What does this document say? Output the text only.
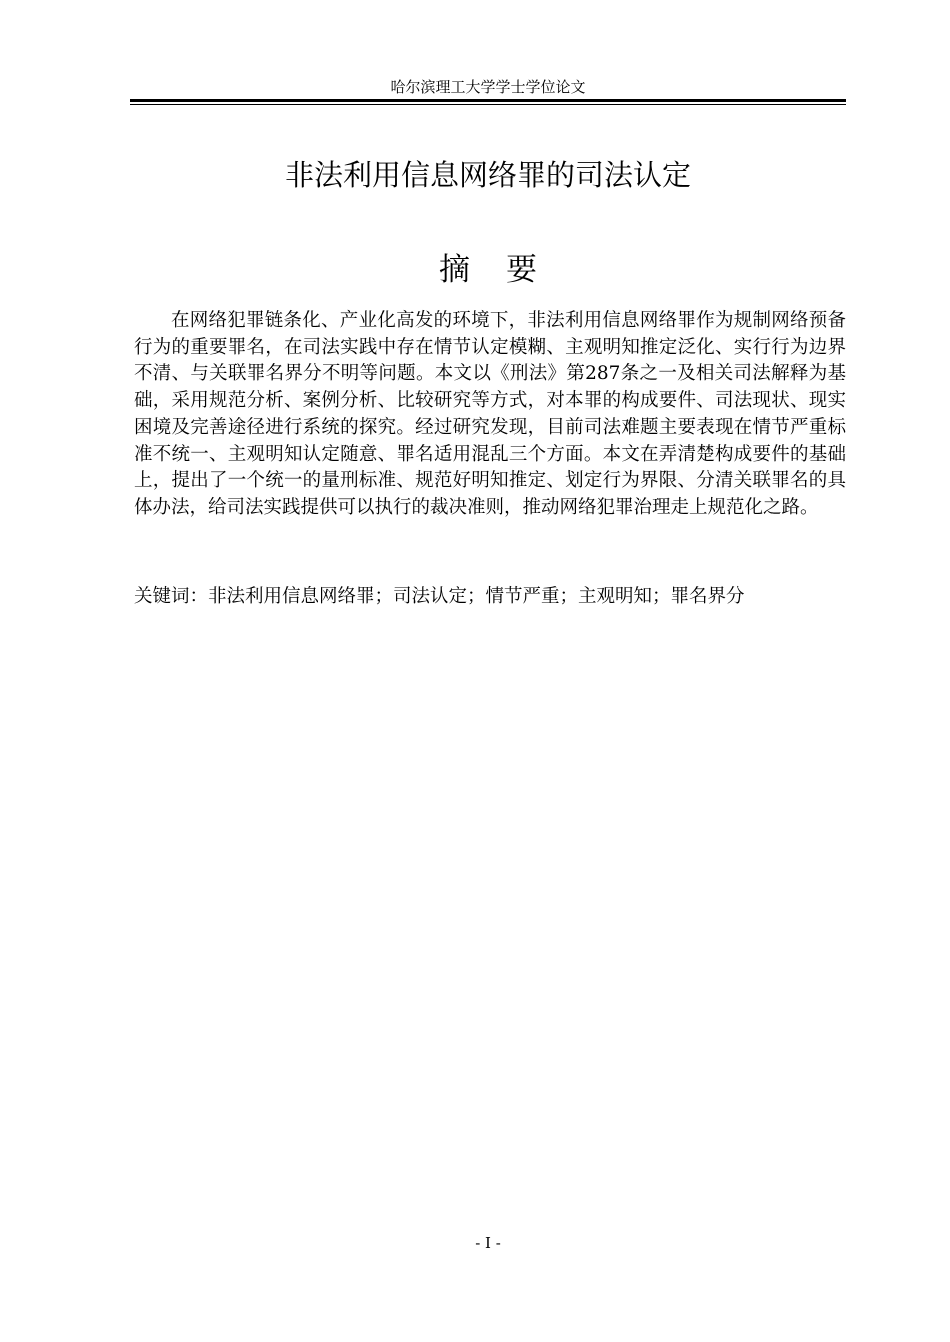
哈尔滨理工大学学士学位论文
非法利用信息网络罪的司法认定
摘要

在网络犯罪链条化、产业化高发的环境下，非法利用信息网络罪作为规制网络预备行为的重要罪名，在司法实践中存在情节认定模糊、主观明知推定泛化、实行行为边界不清、与关联罪名界分不明等问题。本文以《刑法》第287条之一及相关司法解释为基础，采用规范分析、案例分析、比较研究等方式，对本罪的构成要件、司法现状、现实困境及完善途径进行系统的探究。经过研究发现，目前司法难题主要表现在情节严重标准不统一、主观明知认定随意、罪名适用混乱三个方面。本文在弄清楚构成要件的基础上，提出了一个统一的量刑标准、规范好明知推定、划定行为界限、分清关联罪名的具体办法，给司法实践提供可以执行的裁决准则，推动网络犯罪治理走上规范化之路。

关键词： 非法利用信息网络罪；司法认定；情节严重；主观明知；罪名界分
- I -
